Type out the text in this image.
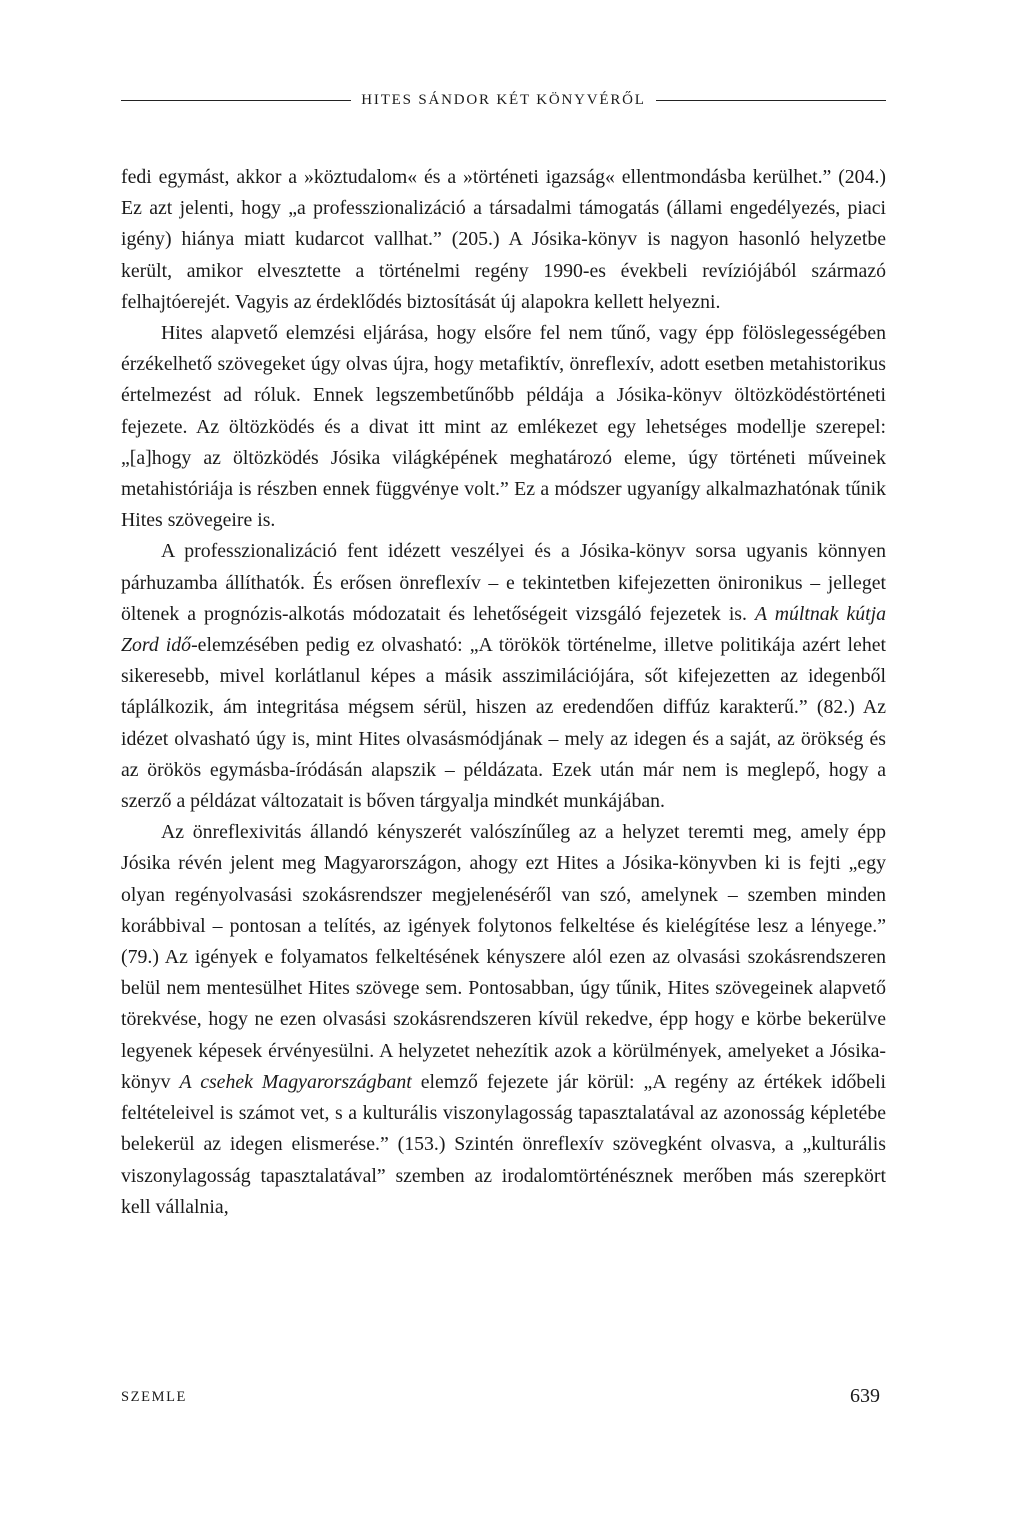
HITES SÁNDOR KÉT KÖNYVÉRŐL

fedi egymást, akkor a »köztudalom« és a »történeti igazság« ellentmondásba kerülhet.” (204.) Ez azt jelenti, hogy „a professzionalizáció a társadalmi támogatás (állami engedélyezés, piaci igény) hiánya miatt kudarcot vallhat.” (205.) A Jósika-könyv is nagyon hasonló helyzetbe került, amikor elvesztette a történelmi regény 1990-es évekbeli revíziójából származó felhajtóerejét. Vagyis az érdeklődés biztosítását új alapokra kellett helyezni.

Hites alapvető elemzési eljárása, hogy elsőre fel nem tűnő, vagy épp fölöslegességében érzékelhető szövegeket úgy olvas újra, hogy metafiktív, önreflexív, adott esetben metahistorikus értelmezést ad róluk. Ennek legszembetűnőbb példája a Jósika-könyv öltözködéstörténeti fejezete. Az öltözködés és a divat itt mint az emlékezet egy lehetséges modellje szerepel: „[a]hogy az öltözködés Jósika világképének meghatározó eleme, úgy történeti műveinek metahistóriája is részben ennek függvénye volt.” Ez a módszer ugyanígy alkalmazhatónak tűnik Hites szövegeire is.

A professzionalizáció fent idézett veszélyei és a Jósika-könyv sorsa ugyanis könnyen párhuzamba állíthatók. És erősen önreflexív – e tekintetben kifejezetten önironikus – jelleget öltenek a prognózis-alkotás módozatait és lehetőségeit vizsgáló fejezetek is. A múltnak kútja Zord idő-elemzésében pedig ez olvasható: „A törökök történelme, illetve politikája azért lehet sikeresebb, mivel korlátlanul képes a másik asszimilációjára, sőt kifejezetten az idegenből táplálkozik, ám integritása mégsem sérül, hiszen az eredendően diffúz karakterű.” (82.) Az idézet olvasható úgy is, mint Hites olvasásmódjának – mely az idegen és a saját, az örökség és az örökös egymásba-íródásán alapszik – példázata. Ezek után már nem is meglepő, hogy a szerző a példázat változatait is bőven tárgyalja mindkét munkájában.

Az önreflexivitás állandó kényszerét valószínűleg az a helyzet teremti meg, amely épp Jósika révén jelent meg Magyarországon, ahogy ezt Hites a Jósika-könyvben ki is fejti „egy olyan regényolvasási szokásrendszer megjelenéséről van szó, amelynek – szemben minden korábbival – pontosan a telítés, az igények folytonos felkeltése és kielégítése lesz a lényege.” (79.) Az igények e folyamatos felkeltésének kényszere alól ezen az olvasási szokásrendszeren belül nem mentesülhet Hites szövege sem. Pontosabban, úgy tűnik, Hites szövegeinek alapvető törekvése, hogy ne ezen olvasási szokásrendszeren kívül rekedve, épp hogy e körbe bekerülve legyenek képesek érvényesülni. A helyzetet nehezítik azok a körülmények, amelyeket a Jósika-könyv A csehek Magyarországbant elemző fejezete jár körül: „A regény az értékek időbeli feltételeivel is számot vet, s a kulturális viszonylagosság tapasztalatával az azonosság képletébe belekerül az idegen elismerése.” (153.) Szintén önreflexív szövegként olvasva, a „kulturális viszonylagosság tapasztalatával” szemben az irodalomtörténésznek merőben más szerepkört kell vállalnia,

SZEMLE	639
